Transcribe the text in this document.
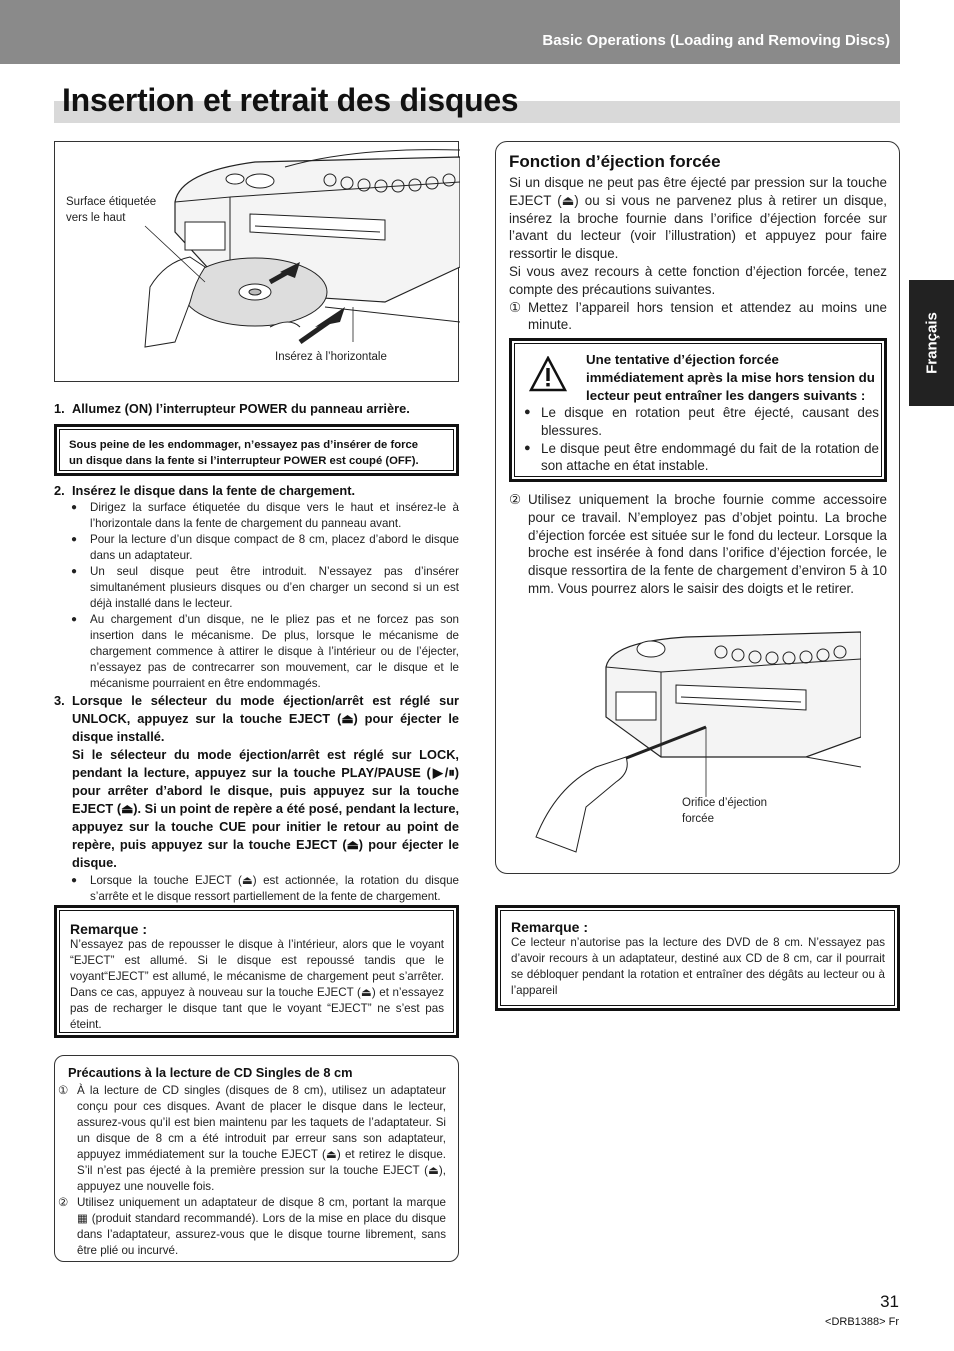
Basic Operations (Loading and Removing Discs)
Insertion et retrait des disques
Français
Surface étiquetée
vers le haut
Insérez à l’horizontale
1. Allumez (ON) l’interrupteur POWER du panneau arrière.
Sous peine de les endommager, n’essayez pas d’insérer de force
un disque dans la fente si l’interrupteur POWER est coupé (OFF).
2. Insérez le disque dans la fente de chargement.
● Dirigez la surface étiquetée du disque vers le haut et insérez-le à l’horizontale dans la fente de chargement du panneau avant.
● Pour la lecture d’un disque compact de 8 cm, placez d’abord le disque dans un adaptateur.
● Un seul disque peut être introduit. N’essayez pas d’insérer simultanément plusieurs disques ou d’en charger un second si un est déjà installé dans le lecteur.
● Au chargement d’un disque, ne le pliez pas et ne forcez pas son insertion dans le mécanisme. De plus, lorsque le mécanisme de chargement commence à attirer le disque à l’intérieur ou de l’éjecter, n’essayez pas de contrecarrer son mouvement, car le disque et le mécanisme pourraient en être endommagés.
3. Lorsque le sélecteur du mode éjection/arrêt est réglé sur UNLOCK, appuyez sur la touche EJECT (⏏) pour éjecter le disque installé.
Si le sélecteur du mode éjection/arrêt est réglé sur LOCK, pendant la lecture, appuyez sur la touche PLAY/PAUSE (▶/⏸) pour arrêter d’abord le disque, puis appuyez sur la touche EJECT (⏏). Si un point de repère a été posé, pendant la lecture, appuyez sur la touche CUE pour initier le retour au point de repère, puis appuyez sur la touche EJECT (⏏) pour éjecter le disque.
● Lorsque la touche EJECT (⏏) est actionnée, la rotation du disque s’arrête et le disque ressort partiellement de la fente de chargement.
Remarque :
N’essayez pas de repousser le disque à l’intérieur, alors que le voyant “EJECT” est allumé. Si le disque est repoussé tandis que le voyant“EJECT” est allumé, le mécanisme de chargement peut s’arrêter. Dans ce cas, appuyez à nouveau sur la touche EJECT (⏏) et n’essayez pas de recharger le disque tant que le voyant “EJECT” ne s’est pas éteint.
Précautions à la lecture de CD Singles de 8 cm
① À la lecture de CD singles (disques de 8 cm), utilisez un adaptateur conçu pour ces disques. Avant de placer le disque dans le lecteur, assurez-vous qu’il est bien maintenu par les taquets de l’adaptateur. Si un disque de 8 cm a été introduit par erreur sans son adaptateur, appuyez immédiatement sur la touche EJECT (⏏) et retirez le disque. S’il n’est pas éjecté à la première pression sur la touche EJECT (⏏), appuyez une nouvelle fois.
② Utilisez uniquement un adaptateur de disque 8 cm, portant la marque ▦ (produit standard recommandé). Lors de la mise en place du disque dans l’adaptateur, assurez-vous que le disque tourne librement, sans être plié ou incurvé.
Fonction d’éjection forcée
Si un disque ne peut pas être éjecté par pression sur la touche EJECT (⏏) ou si vous ne parvenez plus à retirer un disque, insérez la broche fournie dans l’orifice d’éjection forcée sur l’avant du lecteur (voir l’illustration) et appuyez pour faire ressortir le disque.
Si vous avez recours à cette fonction d’éjection forcée, tenez compte des précautions suivantes.
① Mettez l’appareil hors tension et attendez au moins une minute.
Une tentative d’éjection forcée immédiatement après la mise hors tension du lecteur peut entraîner les dangers suivants :
● Le disque en rotation peut être éjecté, causant des blessures.
● Le disque peut être endommagé du fait de la rotation de son attache en état instable.
② Utilisez uniquement la broche fournie comme accessoire pour ce travail. N’employez pas d’objet pointu. La broche d’éjection forcée est située sur le fond du lecteur. Lorsque la broche est insérée à fond dans l’orifice d’éjection forcée, le disque ressortira de la fente de chargement d’environ 5 à 10 mm. Vous pourrez alors le saisir des doigts et le retirer.
Orifice d’éjection
forcée
Remarque :
Ce lecteur n’autorise pas la lecture des DVD de 8 cm. N’essayez pas d’avoir recours à un adaptateur, destiné aux CD de 8 cm, car il pourrait se débloquer pendant la rotation et entraîner des dégâts au lecteur ou à l’appareil
31
<DRB1388> Fr
